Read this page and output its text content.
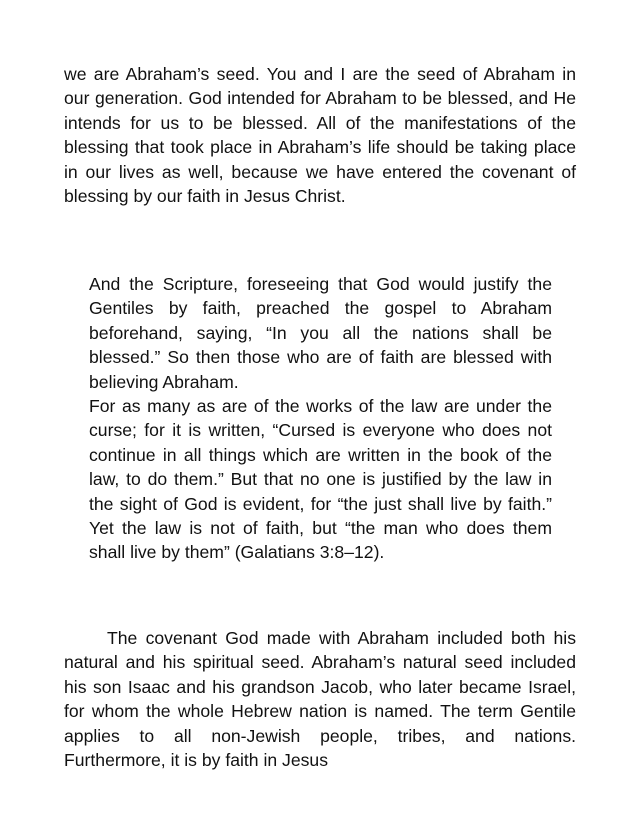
we are Abraham’s seed. You and I are the seed of Abraham in our generation. God intended for Abraham to be blessed, and He intends for us to be blessed. All of the manifestations of the blessing that took place in Abraham’s life should be taking place in our lives as well, because we have entered the covenant of blessing by our faith in Jesus Christ.

And the Scripture, foreseeing that God would justify the Gentiles by faith, preached the gospel to Abraham beforehand, saying, “In you all the nations shall be blessed.” So then those who are of faith are blessed with believing Abraham.

For as many as are of the works of the law are under the curse; for it is written, “Cursed is everyone who does not continue in all things which are written in the book of the law, to do them.” But that no one is justified by the law in the sight of God is evident, for “the just shall live by faith.” Yet the law is not of faith, but “the man who does them shall live by them” (Galatians 3:8–12).

The covenant God made with Abraham included both his natural and his spiritual seed. Abraham’s natural seed included his son Isaac and his grandson Jacob, who later became Israel, for whom the whole Hebrew nation is named. The term Gentile applies to all non-Jewish people, tribes, and nations. Furthermore, it is by faith in Jesus
